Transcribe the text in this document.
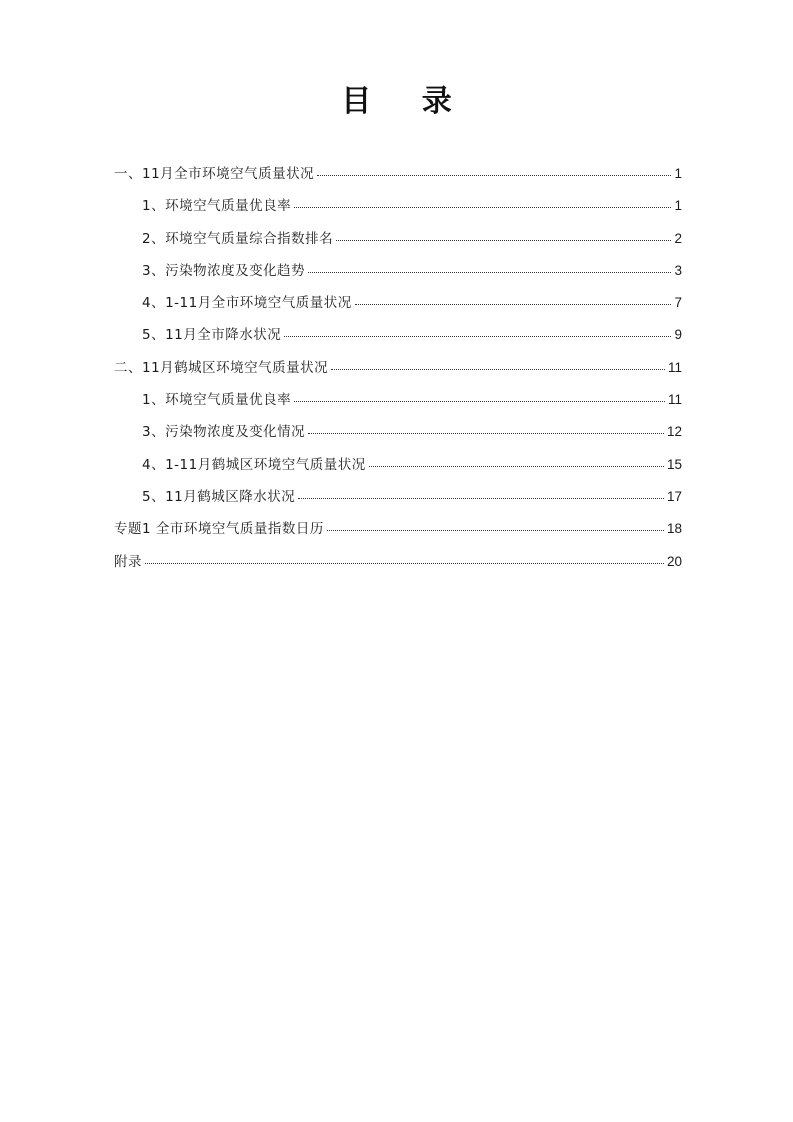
目 录
一、11月全市环境空气质量状况	1
1、环境空气质量优良率	1
2、环境空气质量综合指数排名	2
3、污染物浓度及变化趋势	3
4、1-11月全市环境空气质量状况	7
5、11月全市降水状况	9
二、11月鹤城区环境空气质量状况	11
1、环境空气质量优良率	11
3、污染物浓度及变化情况	12
4、1-11月鹤城区环境空气质量状况	15
5、11月鹤城区降水状况	17
专题1 全市环境空气质量指数日历	18
附录	20
